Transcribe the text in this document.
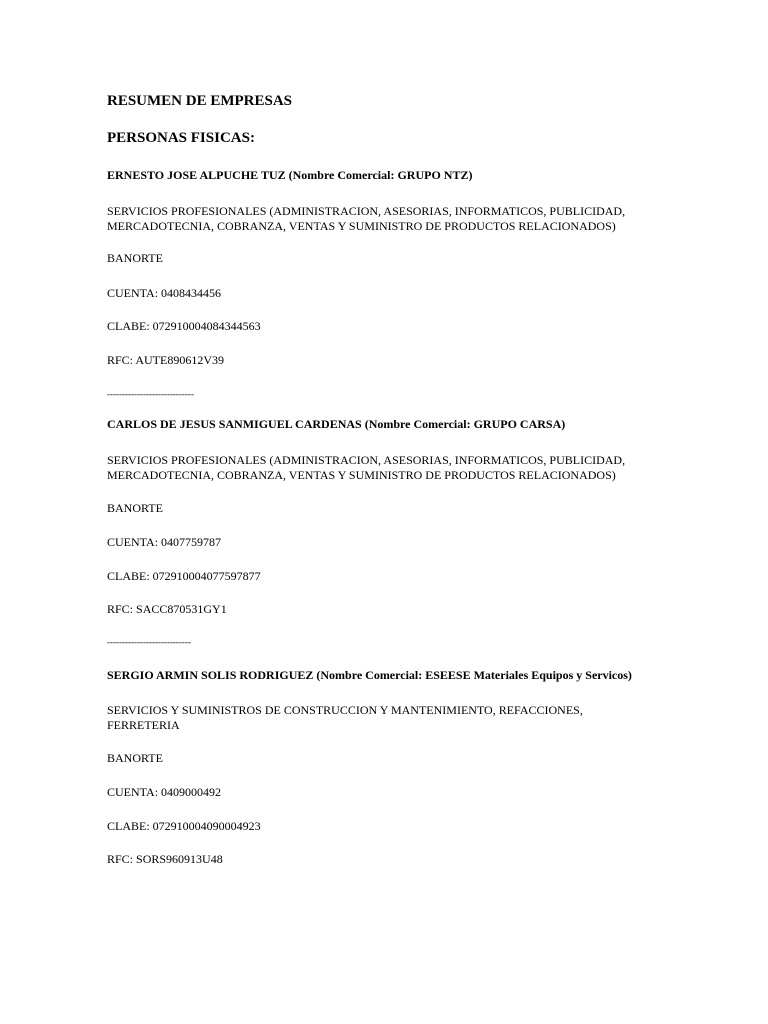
RESUMEN DE EMPRESAS
PERSONAS FISICAS:

ERNESTO JOSE ALPUCHE TUZ (Nombre Comercial: GRUPO NTZ)

SERVICIOS PROFESIONALES (ADMINISTRACION, ASESORIAS, INFORMATICOS, PUBLICIDAD,

MERCADOTECNIA, COBRANZA, VENTAS Y SUMINISTRO DE PRODUCTOS RELACIONADOS)

BANORTE

CUENTA: 0408434456

CLABE: 072910004084344563

RFC: AUTE890612V39

-----------------------------

CARLOS DE JESUS SANMIGUEL CARDENAS (Nombre Comercial: GRUPO CARSA)

SERVICIOS PROFESIONALES (ADMINISTRACION, ASESORIAS, INFORMATICOS, PUBLICIDAD,

MERCADOTECNIA, COBRANZA, VENTAS Y SUMINISTRO DE PRODUCTOS RELACIONADOS)

BANORTE

CUENTA: 0407759787

CLABE: 072910004077597877

RFC: SACC870531GY1

----------------------------

SERGIO ARMIN SOLIS RODRIGUEZ (Nombre Comercial: ESEESE Materiales Equipos y Servicos)

SERVICIOS Y SUMINISTROS DE CONSTRUCCION Y MANTENIMIENTO, REFACCIONES,

FERRETERIA

BANORTE

CUENTA: 0409000492

CLABE: 072910004090004923

RFC: SORS960913U48
